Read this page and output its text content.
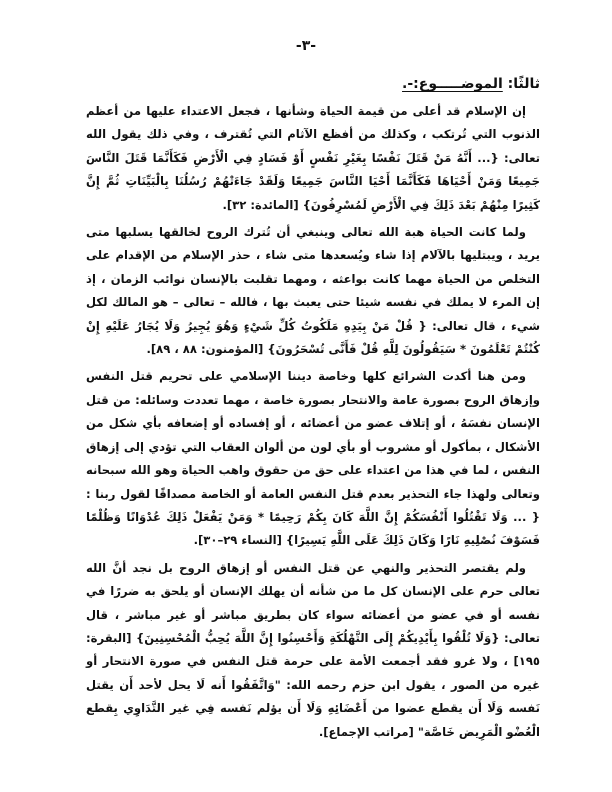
-٣-
ثالثًا: الموضـــــوع:-.

إن الإسلام قد أعلى من قيمة الحياة وشأنها ، فجعل الاعتداء عليها من أعظم الذنوب التي تُرتكب ، وكذلك من أفظع الآثام التي تُقترف ، وفي ذلك يقول الله تعالى: {... أَنَّهُ مَنْ قَتَلَ نَفْسًا بِغَيْرِ نَفْسٍ أَوْ فَسَادٍ فِي الْأَرْضِ فَكَأَنَّمَا قَتَلَ النَّاسَ جَمِيعًا وَمَنْ أَحْيَاهَا فَكَأَنَّمَا أَحْيَا النَّاسَ جَمِيعًا وَلَقَدْ جَاءَتْهُمْ رُسُلُنَا بِالْبَيِّنَاتِ ثُمَّ إِنَّ كَثِيرًا مِنْهُمْ بَعْدَ ذَلِكَ فِي الْأَرْضِ لَمُسْرِفُونَ} [المائدة: ٣٢].

ولما كانت الحياة هبة الله تعالى وينبغي أن تُترك الروح لخالقها يسلبها متى يريد ، ويبتليها بالآلام إذا شاء ويُسعدها متى شاء ، حذر الإسلام من الإقدام على التخلص من الحياة مهما كانت بواعثه ، ومهما تقلبت بالإنسان نوائب الزمان ، إذ إن المرء لا يملك في نفسه شيئا حتى يعبث بها ، فالله – تعالى – هو المالك لكل شيء ، قال تعالى: { قُلْ مَنْ بِيَدِهِ مَلَكُوتُ كُلِّ شَيْءٍ وَهُوَ يُجِيرُ وَلَا يُجَارُ عَلَيْهِ إِنْ كُنْتُمْ تَعْلَمُونَ * سَيَقُولُونَ لِلَّهِ قُلْ فَأَنَّى تُسْحَرُونَ} [المؤمنون: ٨٨ ، ٨٩].

ومن هنا أكدت الشرائع كلها وخاصة ديننا الإسلامي على تحريم قتل النفس وإزهاق الروح بصورة عامة والانتحار بصورة خاصة ، مهما تعددت وسائله: من قتل الإنسان نفسَهُ ، أو إتلاف عضو من أعضائه ، أو إفساده أو إضعافه بأي شكل من الأشكال ، بمأكول أو مشروب أو بأي لون من ألوان العقاب التي تؤدي إلى إزهاق النفس ، لما في هذا من اعتداء على حق من حقوق واهب الحياة وهو الله سبحانه وتعالى ولهذا جاء التحذير بعدم قتل النفس العامة أو الخاصة مصداقًا لقول ربنا : { ... وَلَا تَقْتُلُوا أَنْفُسَكُمْ إِنَّ اللَّهَ كَانَ بِكُمْ رَحِيمًا * وَمَنْ يَفْعَلْ ذَلِكَ عُدْوَانًا وَظُلْمًا فَسَوْفَ نُصْلِيهِ نَارًا وَكَانَ ذَلِكَ عَلَى اللَّهِ يَسِيرًا} [النساء ٢٩–٣٠].

ولم يقتصر التحذير والنهي عن قتل النفس أو إزهاق الروح بل نجد أنَّ الله تعالى حرم على الإنسان كل ما من شأنه أن يهلك الإنسان أو يلحق به ضررًا في نفسه أو في عضو من أعضائه سواء كان بطريق مباشر أو غير مباشر ، قال تعالى: {وَلَا تُلْقُوا بِأَيْدِيكُمْ إِلَى التَّهْلُكَةِ وَأَحْسِنُوا إِنَّ اللَّهَ يُحِبُّ الْمُحْسِنِينَ} [البقرة: ١٩٥] ، ولا غرو فقد أجمعت الأمة على حرمة قتل النفس في صورة الانتحار أو غيره من الصور ، يقول ابن حزم رحمه الله: "وَاتَّفَقُوا أَنه لَا يحل لأحد أَن يقتل نَفسه وَلَا أَن يقطع عضوا من أَعْضَائِهِ وَلَا أَن يؤلم نَفسه فِي غير التَّدَاوِي بِقطع الْعُضْو الْمَرِيض خَاصَّة" [مراتب الإجماع].
